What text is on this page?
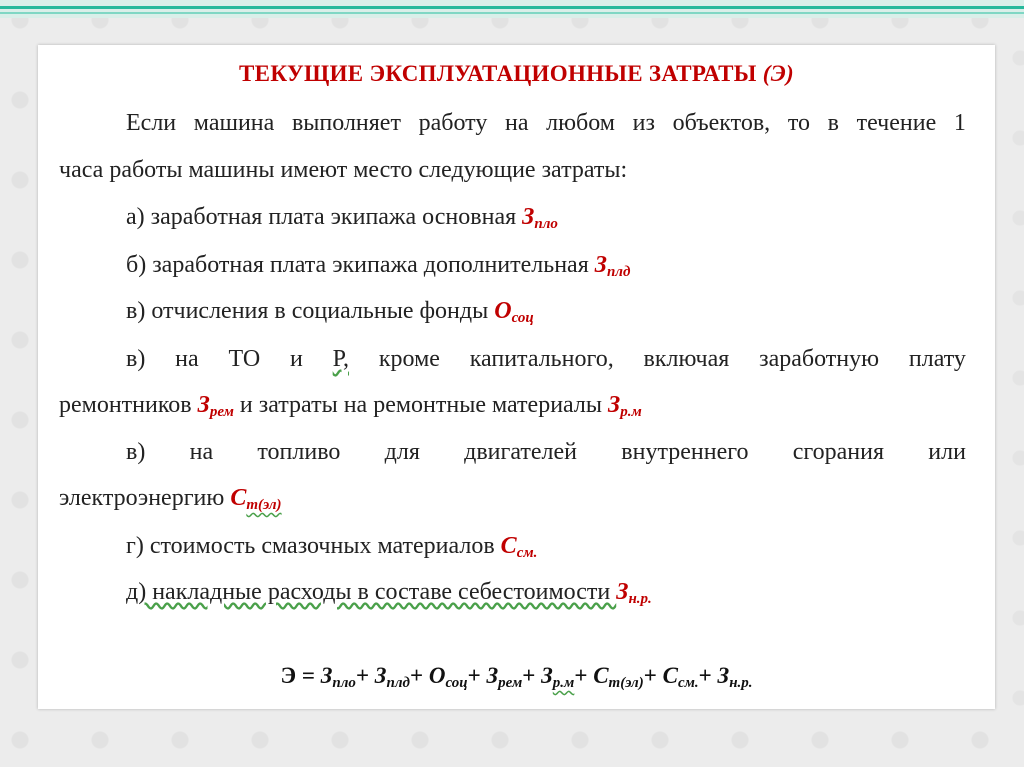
ТЕКУЩИЕ ЭКСПЛУАТАЦИОННЫЕ ЗАТРАТЫ (Э)
Если машина выполняет работу на любом из объектов, то в течение 1
часа работы машины имеют место следующие затраты:
а) заработная плата экипажа основная $З_{пло}$
б) заработная плата экипажа дополнительная $З_{плд}$
в) отчисления в социальные фонды $О_{соц}$
в) на ТО и Р, кроме капитального, включая заработную плату
ремонтников $З_{рем}$ и затраты на ремонтные материалы $З_{р.м}$
в) на топливо для двигателей внутреннего сгорания или
электроэнергию $С_{т(эл)}$
г) стоимость смазочных материалов $С_{см.}$
д) накладные расходы в составе себестоимости $З_{н.р.}$
$Э = З_{пло}+ З_{плд}+ О_{соц}+ З_{рем}+ З_{р.м}+ С_{т(эл)}+ С_{см.}+ З_{н.р.}$
